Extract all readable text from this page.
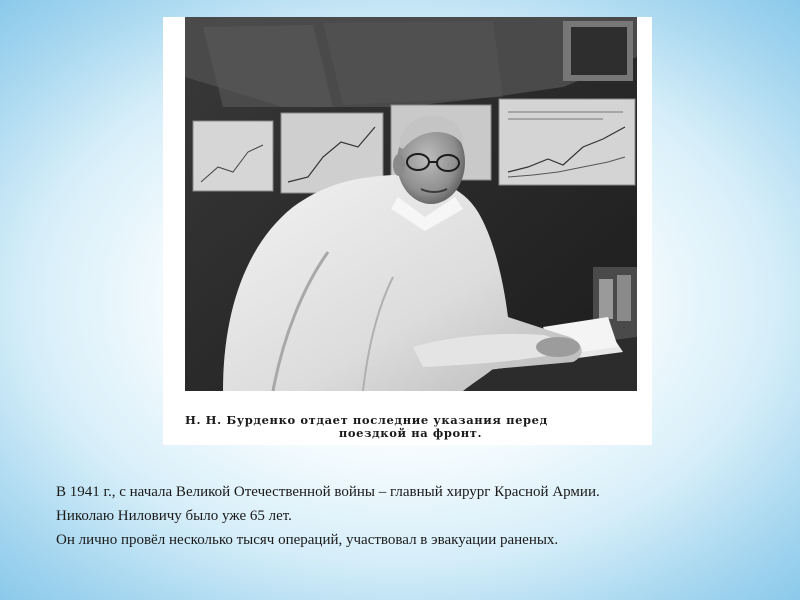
Н. Н. Бурденко отдает последние указания перед
поездкой на фронт.

В 1941 г., с начала Великой Отечественной войны – главный хирург Красной Армии.

Николаю Ниловичу было уже 65 лет.

Он лично провёл несколько тысяч операций, участвовал в эвакуации раненых.
